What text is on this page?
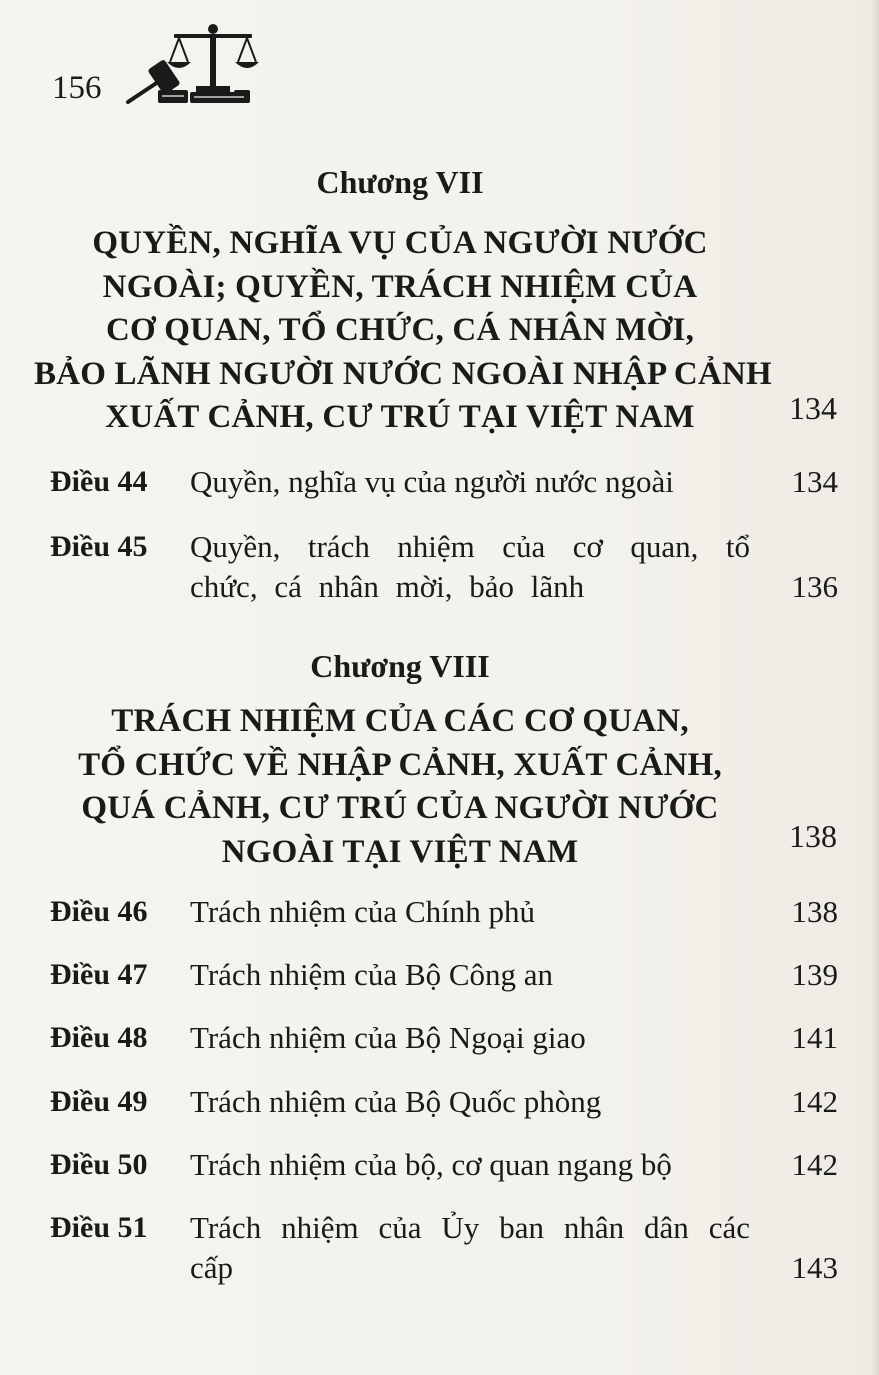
156
Chương VII
QUYỀN, NGHĨA VỤ CỦA NGƯỜI NƯỚC
NGOÀI; QUYỀN, TRÁCH NHIỆM CỦA
CƠ QUAN, TỔ CHỨC, CÁ NHÂN MỜI,
BẢO LÃNH NGƯỜI NƯỚC NGOÀI NHẬP CẢNH
XUẤT CẢNH, CƯ TRÚ TẠI VIỆT NAM	134
Điều 44 Quyền, nghĩa vụ của người nước ngoài	134
Điều 45 Quyền, trách nhiệm của cơ quan, tổ chức, cá nhân mời, bảo lãnh	136
Chương VIII
TRÁCH NHIỆM CỦA CÁC CƠ QUAN,
TỔ CHỨC VỀ NHẬP CẢNH, XUẤT CẢNH,
QUÁ CẢNH, CƯ TRÚ CỦA NGƯỜI NƯỚC
NGOÀI TẠI VIỆT NAM	138
Điều 46 Trách nhiệm của Chính phủ	138
Điều 47 Trách nhiệm của Bộ Công an	139
Điều 48 Trách nhiệm của Bộ Ngoại giao	141
Điều 49 Trách nhiệm của Bộ Quốc phòng	142
Điều 50 Trách nhiệm của bộ, cơ quan ngang bộ	142
Điều 51 Trách nhiệm của Ủy ban nhân dân các cấp	143
